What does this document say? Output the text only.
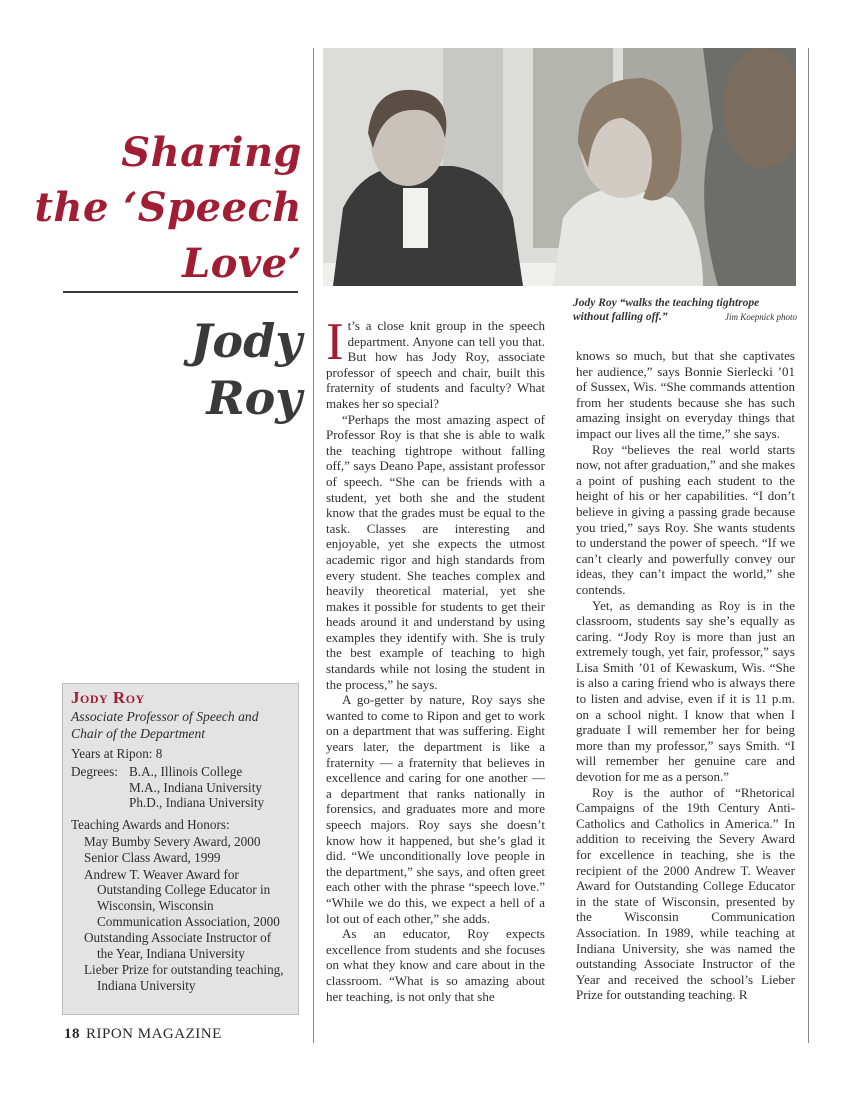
Sharing
the ‘Speech
Love’
Jody
Roy
Jody Roy “walks the teaching tightrope without falling off.”	Jim Koepnick photo

It’s a close knit group in the speech department. Anyone can tell you that. But how has Jody Roy, associate professor of speech and chair, built this fraternity of students and faculty? What makes her so special?

“Perhaps the most amazing aspect of Professor Roy is that she is able to walk the teaching tightrope without falling off,” says Deano Pape, assistant professor of speech. “She can be friends with a student, yet both she and the student know that the grades must be equal to the task. Classes are interesting and enjoyable, yet she expects the utmost academic rigor and high standards from every student. She teaches complex and heavily theoretical material, yet she makes it possible for students to get their heads around it and understand by using examples they identify with. She is truly the best example of teaching to high standards while not losing the student in the process,” he says.

A go-getter by nature, Roy says she wanted to come to Ripon and get to work on a department that was suffering. Eight years later, the department is like a fraternity — a fraternity that believes in excellence and caring for one another — a department that ranks nationally in forensics, and graduates more and more speech majors. Roy says she doesn’t know how it happened, but she’s glad it did. “We unconditionally love people in the department,” she says, and often greet each other with the phrase “speech love.” “While we do this, we expect a hell of a lot out of each other,” she adds.

As an educator, Roy expects excellence from students and she focuses on what they know and care about in the classroom. “What is so amazing about her teaching, is not only that she

knows so much, but that she captivates her audience,” says Bonnie Sierlecki ’01 of Sussex, Wis. “She commands attention from her students because she has such amazing insight on everyday things that impact our lives all the time,” she says.

Roy “believes the real world starts now, not after graduation,” and she makes a point of pushing each student to the height of his or her capabilities. “I don’t believe in giving a passing grade because you tried,” says Roy. She wants students to understand the power of speech. “If we can’t clearly and powerfully convey our ideas, they can’t impact the world,” she contends.

Yet, as demanding as Roy is in the classroom, students say she’s equally as caring. “Jody Roy is more than just an extremely tough, yet fair, professor,” says Lisa Smith ’01 of Kewaskum, Wis. “She is also a caring friend who is always there to listen and advise, even if it is 11 p.m. on a school night. I know that when I graduate I will remember her for being more than my professor,” says Smith. “I will remember her genuine care and devotion for me as a person.”

Roy is the author of “Rhetorical Campaigns of the 19th Century Anti-Catholics and Catholics in America.” In addition to receiving the Severy Award for excellence in teaching, she is the recipient of the 2000 Andrew T. Weaver Award for Outstanding College Educator in the state of Wisconsin, presented by the Wisconsin Communication Association. In 1989, while teaching at Indiana University, she was named the outstanding Associate Instructor of the Year and received the school’s Lieber Prize for outstanding teaching. R

Jody Roy
Associate Professor of Speech and Chair of the Department
Years at Ripon: 8
Degrees: B.A., Illinois College
M.A., Indiana University
Ph.D., Indiana University
Teaching Awards and Honors:
May Bumby Severy Award, 2000
Senior Class Award, 1999
Andrew T. Weaver Award for Outstanding College Educator in Wisconsin, Wisconsin Communication Association, 2000
Outstanding Associate Instructor of the Year, Indiana University
Lieber Prize for outstanding teaching, Indiana University
18 RIPON MAGAZINE
